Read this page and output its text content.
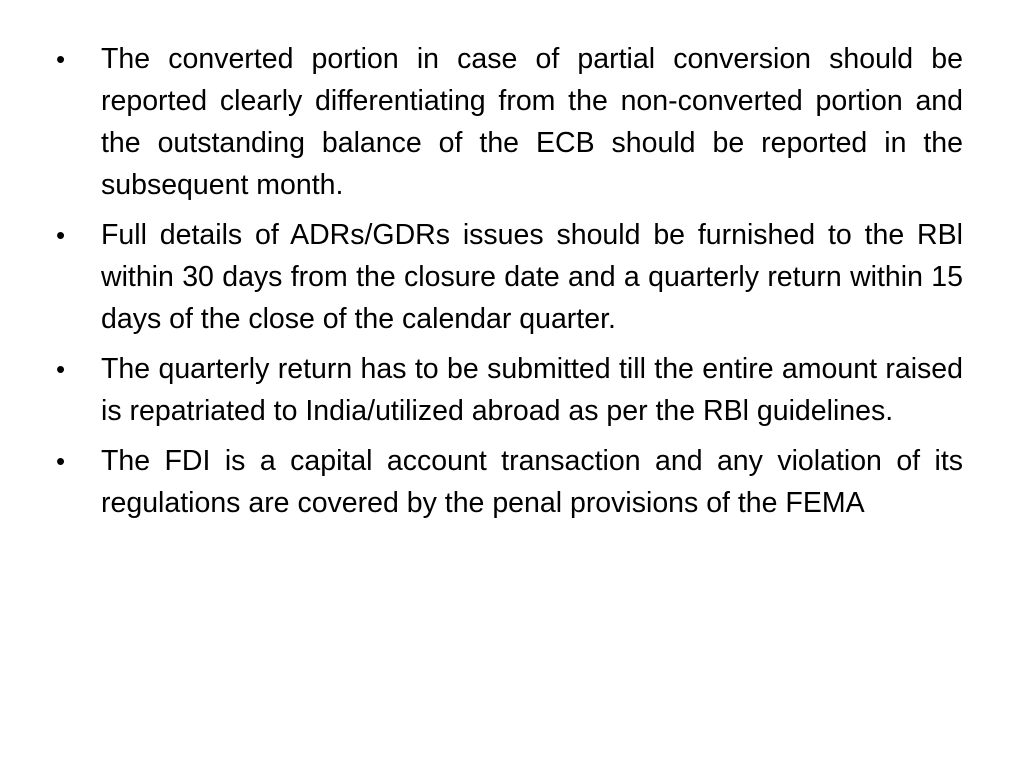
•	The converted portion in case of partial conversion should be reported clearly differentiating from the non-converted portion and the outstanding balance of the ECB should be reported in the subsequent month.
•	Full details of ADRs/GDRs issues should be furnished to the RBl within 30 days from the closure date and a quarterly return within 15 days of the close of the calendar quarter.
•	The quarterly return has to be submitted till the entire amount raised is repatriated to India/utilized abroad as per the RBl guidelines.
•	The FDI is a capital account transaction and any violation of its regulations are covered by the penal provisions of the FEMA
